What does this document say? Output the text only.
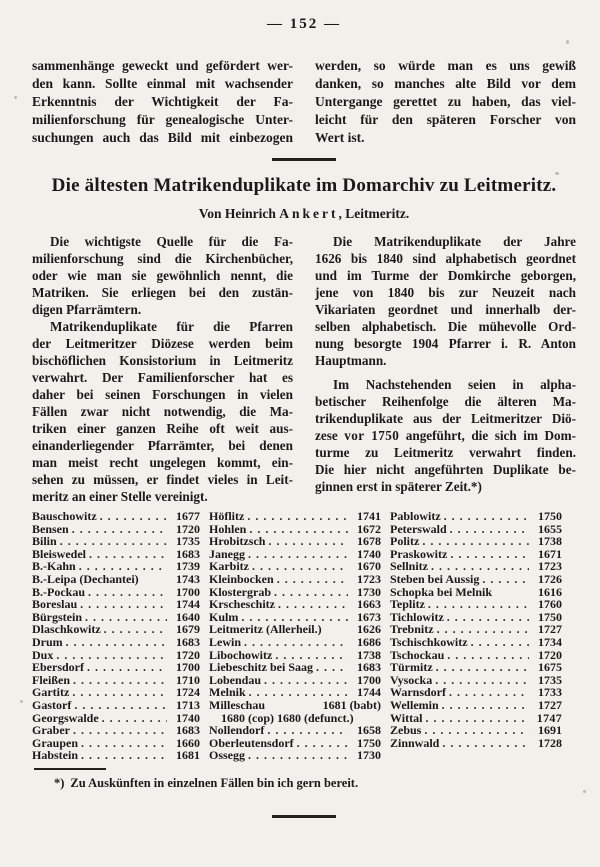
— 152 —
sammenhänge geweckt und gefördert wer-
den kann. Sollte einmal mit wachsender
Erkenntnis der Wichtigkeit der Fa-
milienforschung für genealogische Unter-
suchungen auch das Bild mit einbezogen
werden, so würde man es uns gewiß
danken, so manches alte Bild vor dem
Untergange gerettet zu haben, das viel-
leicht für den späteren Forscher von
Wert ist.
Die ältesten Matrikenduplikate im Domarchiv zu Leitmeritz.
Von Heinrich Ankert, Leitmeritz.
Die wichtigste Quelle für die Fa-
milienforschung sind die Kirchenbücher,
oder wie man sie gewöhnlich nennt, die
Matriken. Sie erliegen bei den zustän-
digen Pfarrämtern.
Matrikenduplikate für die Pfarren
der Leitmeritzer Diözese werden beim
bischöflichen Konsistorium in Leitmeritz
verwahrt. Der Familienforscher hat es
daher bei seinen Forschungen in vielen
Fällen zwar nicht notwendig, die Ma-
triken einer ganzen Reihe oft weit aus-
einanderliegender Pfarrämter, bei denen
man meist recht ungelegen kommt, ein-
sehen zu müssen, er findet vieles in Leit-
meritz an einer Stelle vereinigt.
Die Matrikenduplikate der Jahre
1626 bis 1840 sind alphabetisch geordnet
und im Turme der Domkirche geborgen,
jene von 1840 bis zur Neuzeit nach
Vikariaten geordnet und innerhalb der-
selben alphabetisch. Die mühevolle Ord-
nung besorgte 1904 Pfarrer i. R. Anton
Hauptmann.
Im Nachstehenden seien in alpha-
betischer Reihenfolge die älteren Ma-
trikenduplikate aus der Leitmeritzer Diö-
zese vor 1750 angeführt, die sich im Dom-
turme zu Leitmeritz verwahrt finden.
Die hier nicht angeführten Duplikate be-
ginnen erst in späterer Zeit.*)
Bauschowitz . .	1677
Bensen . .	1720
Bilin . .	1735
Bleiswedel . .	1683
B.-Kahn . .	1739
B.-Leipa (Dechantei)	1743
B.-Pockau . .	1700
Boreslau . .	1744
Bürgstein . .	1640
Dlaschkowitz . .	1679
Drum . .	1683
Dux . .	1720
Ebersdorf . .	1700
Fleißen . .	1710
Gartitz . .	1724
Gastorf . .	1713
Georgswalde . .	1740
Graber . .	1683
Graupen . .	1660
Habstein . .	1681
Höflitz . .	1741
Hohlen . .	1672
Hrobitzsch . .	1678
Janegg . .	1740
Karbitz . .	1670
Kleinbocken . .	1723
Klostergrab . .	1730
Krscheschitz . .	1663
Kulm . .	1673
Leitmeritz (Allerheil.)	1626
Lewin . .	1686
Libochowitz . .	1738
Liebeschitz bei Saag . .	1683
Lobendau . .	1700
Melnik . .	1744
Milleschau	1681 (babt)
1680 (cop) 1680 (defunct.)
Nollendorf . .	1658
Oberleutensdorf . .	1750
Ossegg . .	1730
Pablowitz . .	1750
Peterswald . .	1655
Politz . .	1738
Praskowitz . .	1671
Sellnitz . .	1723
Steben bei Aussig . .	1726
Schopka bei Melnik	1616
Teplitz . .	1760
Tichlowitz . .	1750
Trebnitz . .	1727
Tschischkowitz . .	1734
Tschockau . .	1720
Türmitz . .	1675
Vysocka . .	1735
Warnsdorf . .	1733
Wellemin . .	1727
Wittal . .	1747
Zebus . .	1691
Zinnwald . .	1728
*) Zu Auskünften in einzelnen Fällen bin ich gern bereit.
